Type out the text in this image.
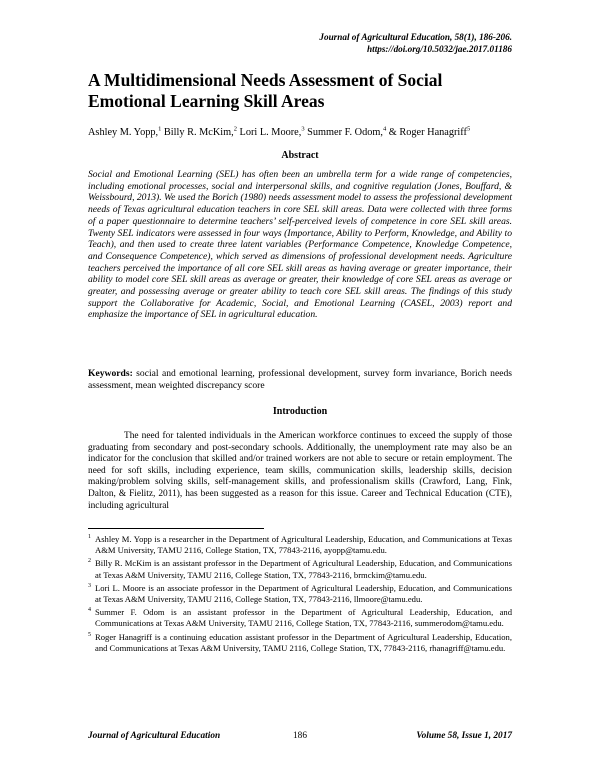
Journal of Agricultural Education, 58(1), 186-206.
https://doi.org/10.5032/jae.2017.01186
A Multidimensional Needs Assessment of Social
Emotional Learning Skill Areas
Ashley M. Yopp,$^1$ Billy R. McKim,$^2$ Lori L. Moore,$^3$ Summer F. Odom,$^4$ & Roger Hanagriff$^5$
Abstract
Social and Emotional Learning (SEL) has often been an umbrella term for a wide range of competencies, including emotional processes, social and interpersonal skills, and cognitive regulation (Jones, Bouffard, & Weissbourd, 2013). We used the Borich (1980) needs assessment model to assess the professional development needs of Texas agricultural education teachers in core SEL skill areas. Data were collected with three forms of a paper questionnaire to determine teachers’ self-perceived levels of competence in core SEL skill areas. Twenty SEL indicators were assessed in four ways (Importance, Ability to Perform, Knowledge, and Ability to Teach), and then used to create three latent variables (Performance Competence, Knowledge Competence, and Consequence Competence), which served as dimensions of professional development needs. Agriculture teachers perceived the importance of all core SEL skill areas as having average or greater importance, their ability to model core SEL skill areas as average or greater, their knowledge of core SEL areas as average or greater, and possessing average or greater ability to teach core SEL skill areas. The findings of this study support the Collaborative for Academic, Social, and Emotional Learning (CASEL, 2003) report and emphasize the importance of SEL in agricultural education.
Keywords: social and emotional learning, professional development, survey form invariance, Borich needs assessment, mean weighted discrepancy score
Introduction
The need for talented individuals in the American workforce continues to exceed the supply of those graduating from secondary and post-secondary schools. Additionally, the unemployment rate may also be an indicator for the conclusion that skilled and/or trained workers are not able to secure or retain employment. The need for soft skills, including experience, team skills, communication skills, leadership skills, decision making/problem solving skills, self-management skills, and professionalism skills (Crawford, Lang, Fink, Dalton, & Fielitz, 2011), has been suggested as a reason for this issue. Career and Technical Education (CTE), including agricultural
1 Ashley M. Yopp is a researcher in the Department of Agricultural Leadership, Education, and Communications at Texas A&M University, TAMU 2116, College Station, TX, 77843-2116, ayopp@tamu.edu.
2 Billy R. McKim is an assistant professor in the Department of Agricultural Leadership, Education, and Communications at Texas A&M University, TAMU 2116, College Station, TX, 77843-2116, brmckim@tamu.edu.
3 Lori L. Moore is an associate professor in the Department of Agricultural Leadership, Education, and Communications at Texas A&M University, TAMU 2116, College Station, TX, 77843-2116, llmoore@tamu.edu.
4 Summer F. Odom is an assistant professor in the Department of Agricultural Leadership, Education, and Communications at Texas A&M University, TAMU 2116, College Station, TX, 77843-2116, summerodom@tamu.edu.
5 Roger Hanagriff is a continuing education assistant professor in the Department of Agricultural Leadership, Education, and Communications at Texas A&M University, TAMU 2116, College Station, TX, 77843-2116, rhanagriff@tamu.edu.
Journal of Agricultural Education	186	Volume 58, Issue 1, 2017
